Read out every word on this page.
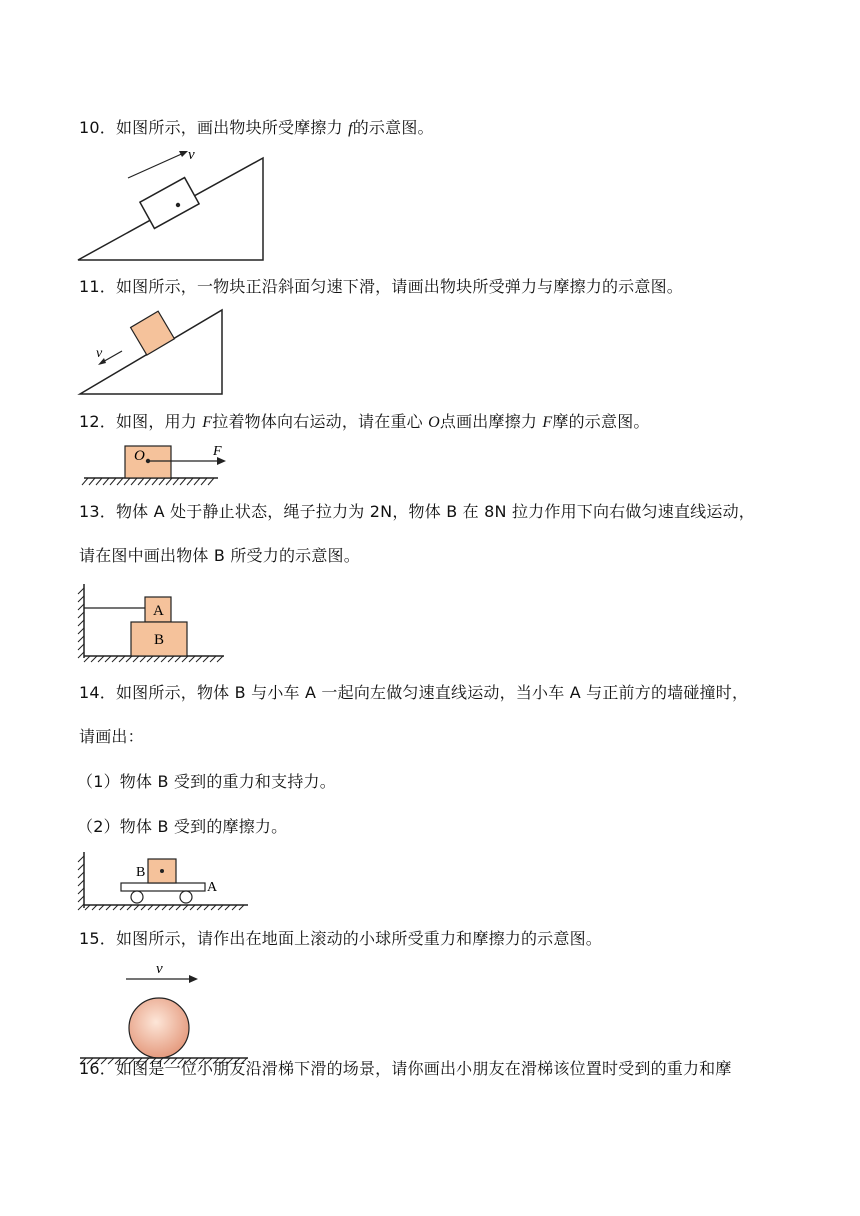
10．如图所示，画出物块所受摩擦力 f的示意图。
v
11．如图所示，一物块正沿斜面匀速下滑，请画出物块所受弹力与摩擦力的示意图。
v
12．如图，用力 F拉着物体向右运动，请在重心 O点画出摩擦力 F摩的示意图。
O	F
13．物体 A 处于静止状态，绳子拉力为 2N，物体 B 在 8N 拉力作用下向右做匀速直线运动，
请在图中画出物体 B 所受力的示意图。
A
B
14．如图所示，物体 B 与小车 A 一起向左做匀速直线运动，当小车 A 与正前方的墙碰撞时，
请画出：
（1）物体 B 受到的重力和支持力。
（2）物体 B 受到的摩擦力。
A
B
15．如图所示，请作出在地面上滚动的小球所受重力和摩擦力的示意图。
v
16．如图是一位小朋友沿滑梯下滑的场景，请你画出小朋友在滑梯该位置时受到的重力和摩
